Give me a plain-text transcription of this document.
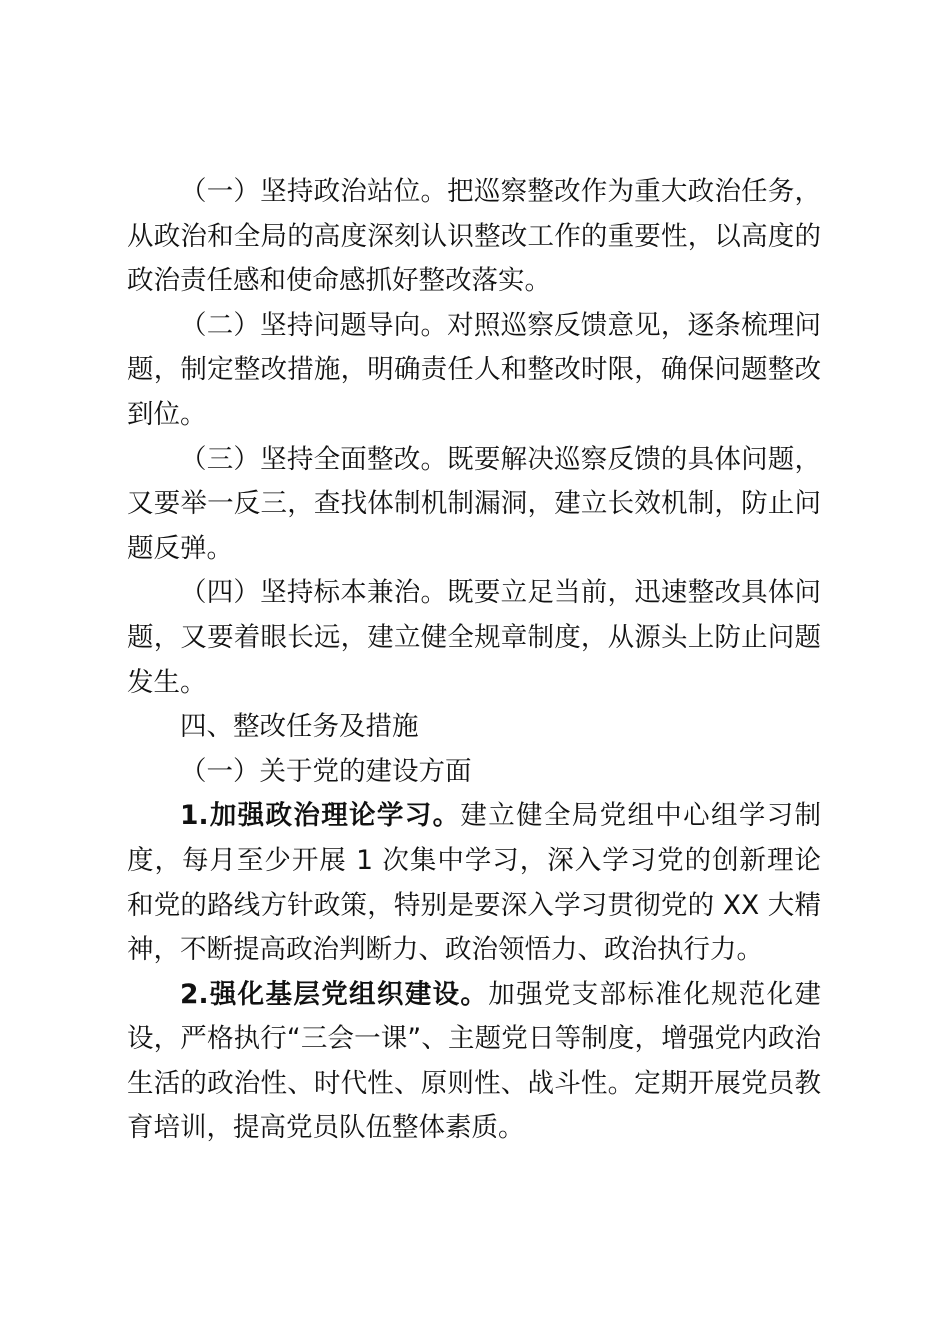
（一）坚持政治站位。把巡察整改作为重大政治任务，从政治和全局的高度深刻认识整改工作的重要性，以高度的政治责任感和使命感抓好整改落实。

（二）坚持问题导向。对照巡察反馈意见，逐条梳理问题，制定整改措施，明确责任人和整改时限，确保问题整改到位。

（三）坚持全面整改。既要解决巡察反馈的具体问题，又要举一反三，查找体制机制漏洞，建立长效机制，防止问题反弹。

（四）坚持标本兼治。既要立足当前，迅速整改具体问题，又要着眼长远，建立健全规章制度，从源头上防止问题发生。

四、整改任务及措施

（一）关于党的建设方面

1.加强政治理论学习。建立健全局党组中心组学习制度，每月至少开展 1 次集中学习，深入学习党的创新理论和党的路线方针政策，特别是要深入学习贯彻党的 XX 大精神，不断提高政治判断力、政治领悟力、政治执行力。

2.强化基层党组织建设。加强党支部标准化规范化建设，严格执行“三会一课”、主题党日等制度，增强党内政治生活的政治性、时代性、原则性、战斗性。定期开展党员教育培训，提高党员队伍整体素质。
